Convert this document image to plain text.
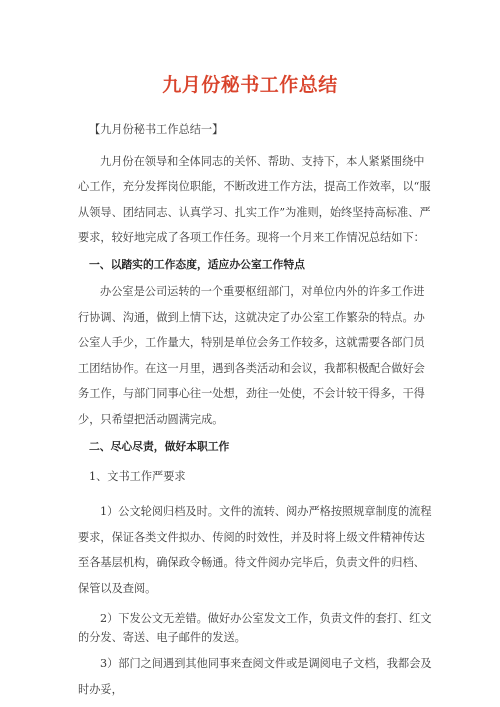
九月份秘书工作总结

【九月份秘书工作总结一】

九月份在领导和全体同志的关怀、帮助、支持下，本人紧紧围绕中心工作，充分发挥岗位职能，不断改进工作方法，提高工作效率，以“服从领导、团结同志、认真学习、扎实工作”为准则，始终坚持高标准、严要求，较好地完成了各项工作任务。现将一个月来工作情况总结如下：

一、以踏实的工作态度，适应办公室工作特点

办公室是公司运转的一个重要枢纽部门，对单位内外的许多工作进行协调、沟通，做到上情下达，这就决定了办公室工作繁杂的特点。办公室人手少，工作量大，特别是单位会务工作较多，这就需要各部门员工团结协作。在这一月里，遇到各类活动和会议，我都积极配合做好会务工作，与部门同事心往一处想，劲往一处使，不会计较干得多，干得少，只希望把活动圆满完成。

二、尽心尽责，做好本职工作

1、文书工作严要求

1）公文轮阅归档及时。文件的流转、阅办严格按照规章制度的流程要求，保证各类文件拟办、传阅的时效性，并及时将上级文件精神传达至各基层机构，确保政令畅通。待文件阅办完毕后，负责文件的归档、保管以及查阅。

2）下发公文无差错。做好办公室发文工作，负责文件的套打、红文的分发、寄送、电子邮件的发送。

3）部门之间遇到其他同事来查阅文件或是调阅电子文档，我都会及时办妥，
